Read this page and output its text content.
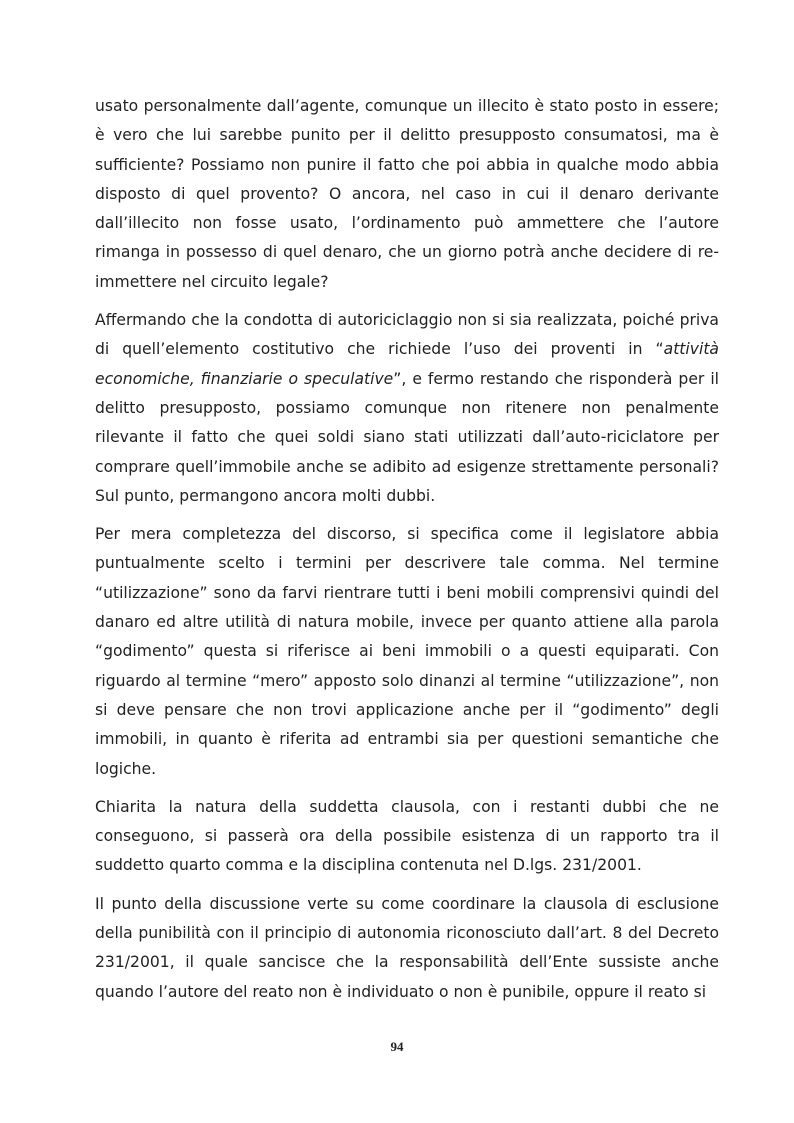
usato personalmente dall’agente, comunque un illecito è stato posto in essere; è vero che lui sarebbe punito per il delitto presupposto consumatosi, ma è sufficiente? Possiamo non punire il fatto che poi abbia in qualche modo abbia disposto di quel provento? O ancora, nel caso in cui il denaro derivante dall’illecito non fosse usato, l’ordinamento può ammettere che l’autore rimanga in possesso di quel denaro, che un giorno potrà anche decidere di re-immettere nel circuito legale?

Affermando che la condotta di autoriciclaggio non si sia realizzata, poiché priva di quell’elemento costitutivo che richiede l’uso dei proventi in “attività economiche, finanziarie o speculative”, e fermo restando che risponderà per il delitto presupposto, possiamo comunque non ritenere non penalmente rilevante il fatto che quei soldi siano stati utilizzati dall’auto-riciclatore per comprare quell’immobile anche se adibito ad esigenze strettamente personali? Sul punto, permangono ancora molti dubbi.

Per mera completezza del discorso, si specifica come il legislatore abbia puntualmente scelto i termini per descrivere tale comma. Nel termine “utilizzazione” sono da farvi rientrare tutti i beni mobili comprensivi quindi del danaro ed altre utilità di natura mobile, invece per quanto attiene alla parola “godimento” questa si riferisce ai beni immobili o a questi equiparati. Con riguardo al termine “mero” apposto solo dinanzi al termine “utilizzazione”, non si deve pensare che non trovi applicazione anche per il “godimento” degli immobili, in quanto è riferita ad entrambi sia per questioni semantiche che logiche.

Chiarita la natura della suddetta clausola, con i restanti dubbi che ne conseguono, si passerà ora della possibile esistenza di un rapporto tra il suddetto quarto comma e la disciplina contenuta nel D.lgs. 231/2001.

Il punto della discussione verte su come coordinare la clausola di esclusione della punibilità con il principio di autonomia riconosciuto dall’art. 8 del Decreto 231/2001, il quale sancisce che la responsabilità dell’Ente sussiste anche quando l’autore del reato non è individuato o non è punibile, oppure il reato si

94
